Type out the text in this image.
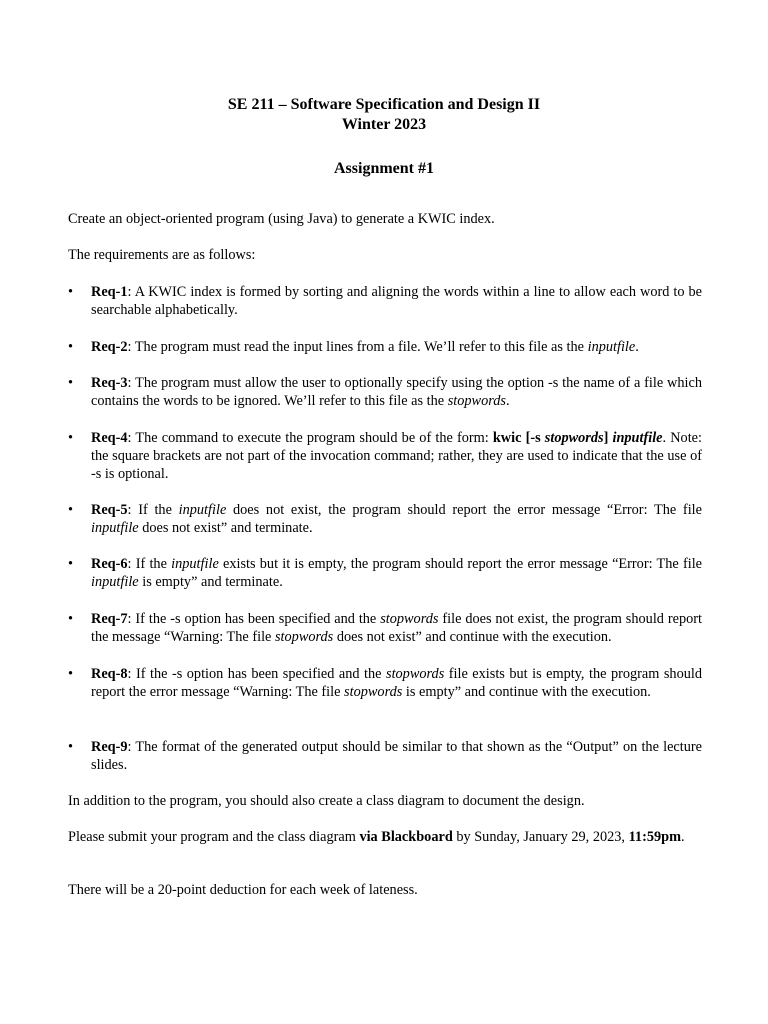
SE 211 – Software Specification and Design II
Winter 2023
Assignment #1
Create an object-oriented program (using Java) to generate a KWIC index.
The requirements are as follows:
•	Req-1: A KWIC index is formed by sorting and aligning the words within a line to allow each word to be searchable alphabetically.
•	Req-2: The program must read the input lines from a file. We’ll refer to this file as the inputfile.
•	Req-3: The program must allow the user to optionally specify using the option -s the name of a file which contains the words to be ignored. We’ll refer to this file as the stopwords.
•	Req-4: The command to execute the program should be of the form: kwic [-s stopwords] inputfile. Note: the square brackets are not part of the invocation command; rather, they are used to indicate that the use of -s is optional.
•	Req-5: If the inputfile does not exist, the program should report the error message “Error: The file inputfile does not exist” and terminate.
•	Req-6: If the inputfile exists but it is empty, the program should report the error message “Error: The file inputfile is empty” and terminate.
•	Req-7: If the -s option has been specified and the stopwords file does not exist, the program should report the message “Warning: The file stopwords does not exist” and continue with the execution.
•	Req-8: If the -s option has been specified and the stopwords file exists but is empty, the program should report the error message “Warning: The file stopwords is empty” and continue with the execution.
•	Req-9: The format of the generated output should be similar to that shown as the “Output” on the lecture slides.
In addition to the program, you should also create a class diagram to document the design.
Please submit your program and the class diagram via Blackboard by Sunday, January 29, 2023, 11:59pm.
There will be a 20-point deduction for each week of lateness.
